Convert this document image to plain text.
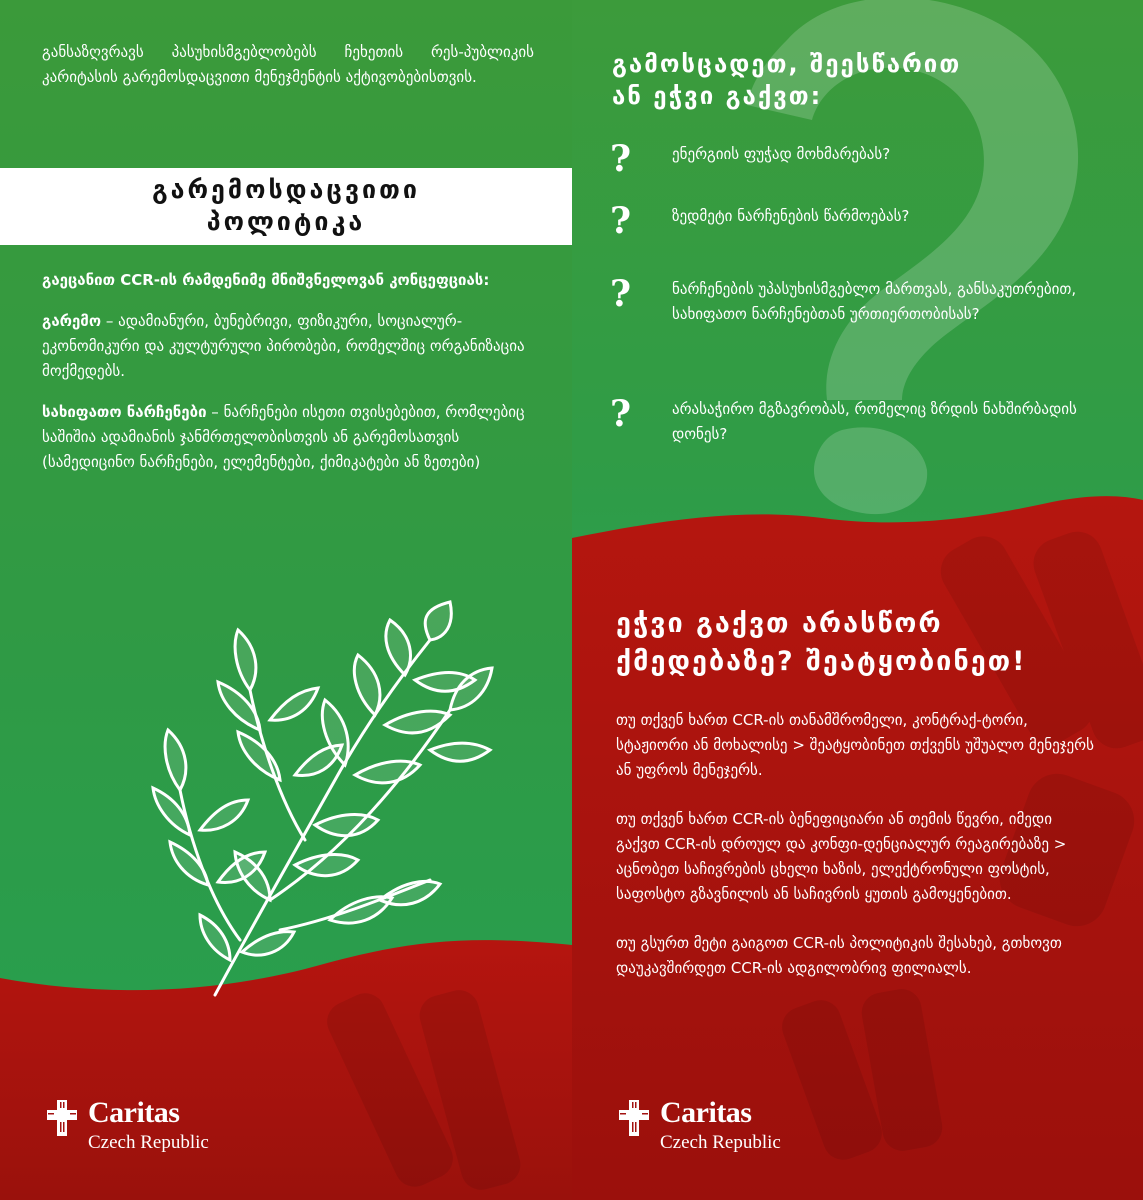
განსაზღვრავს პასუხისმგებლობებს ჩეხეთის რეს-პუბლიკის კარიტასის გარემოსდაცვითი მენეჯმენტის აქტივობებისთვის.
გარემოსდაცვითი
პოლიტიკა

გაეცანით CCR-ის რამდენიმე მნიშვნელოვან კონცეფციას:

გარემო – ადამიანური, ბუნებრივი, ფიზიკური, სოციალურ-ეკონომიკური და კულტურული პირობები, რომელშიც ორგანიზაცია მოქმედებს.

სახიფათო ნარჩენები – ნარჩენები ისეთი თვისებებით, რომლებიც საშიშია ადამიანის ჯანმრთელობისთვის ან გარემოსათვის (სამედიცინო ნარჩენები, ელემენტები, ქიმიკატები ან ზეთები)

Caritas
Czech Republic
გამოსცადეთ, შეესწარით
ან ეჭვი გაქვთ:
?	ენერგიის ფუჭად მოხმარებას?
?	ზედმეტი ნარჩენების წარმოებას?
?	ნარჩენების უპასუხისმგებლო მართვას, განსაკუთრებით, სახიფათო ნარჩენებთან ურთიერთობისას?
?	არასაჭირო მგზავრობას, რომელიც ზრდის ნახშირბადის დონეს?
ეჭვი გაქვთ არასწორ
ქმედებაზე? შეატყობინეთ!

თუ თქვენ ხართ CCR-ის თანამშრომელი, კონტრაქ-ტორი, სტაჟიორი ან მოხალისე > შეატყობინეთ თქვენს უშუალო მენეჯერს ან უფროს მენეჯერს.

თუ თქვენ ხართ CCR-ის ბენეფიციარი ან თემის წევრი, იმედი გაქვთ CCR-ის დროულ და კონფი-დენციალურ რეაგირებაზე > აცნობეთ საჩივრების ცხელი ხაზის, ელექტრონული ფოსტის, საფოსტო გზავნილის ან საჩივრის ყუთის გამოყენებით.

თუ გსურთ მეტი გაიგოთ CCR-ის პოლიტიკის შესახებ, გთხოვთ დაუკავშირდეთ CCR-ის ადგილობრივ ფილიალს.

Caritas
Czech Republic
